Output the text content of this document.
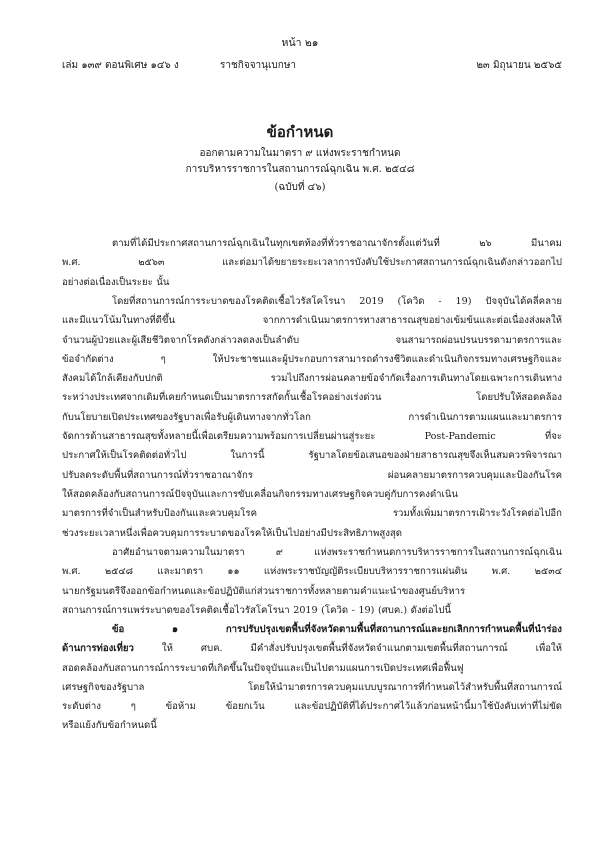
หน้า ๒๑
เล่ม ๑๓๙ ตอนพิเศษ ๑๔๖ ง	ราชกิจจานุเบกษา	๒๓ มิถุนายน ๒๕๖๕
ข้อกำหนด
ออกตามความในมาตรา ๙ แห่งพระราชกำหนด
การบริหารราชการในสถานการณ์ฉุกเฉิน พ.ศ. ๒๕๔๘
(ฉบับที่ ๔๖)

ตามที่ได้มีประกาศสถานการณ์ฉุกเฉินในทุกเขตท้องที่ทั่วราชอาณาจักรตั้งแต่วันที่ ๒๖ มีนาคม

พ.ศ. ๒๕๖๓ และต่อมาได้ขยายระยะเวลาการบังคับใช้ประกาศสถานการณ์ฉุกเฉินดังกล่าวออกไป

อย่างต่อเนื่องเป็นระยะ นั้น

โดยที่สถานการณ์การระบาดของโรคติดเชื้อไวรัสโคโรนา 2019 (โควิด - 19) ปัจจุบันได้คลี่คลาย

และมีแนวโน้มในทางที่ดีขึ้น จากการดำเนินมาตรการทางสาธารณสุขอย่างเข้มข้นและต่อเนื่องส่งผลให้

จำนวนผู้ป่วยและผู้เสียชีวิตจากโรคดังกล่าวลดลงเป็นลำดับ จนสามารถผ่อนปรนบรรดามาตรการและ

ข้อจำกัดต่าง ๆ ให้ประชาชนและผู้ประกอบการสามารถดำรงชีวิตและดำเนินกิจกรรมทางเศรษฐกิจและ

สังคมได้ใกล้เคียงกับปกติ รวมไปถึงการผ่อนคลายข้อจำกัดเรื่องการเดินทางโดยเฉพาะการเดินทาง

ระหว่างประเทศจากเดิมที่เคยกำหนดเป็นมาตรการสกัดกั้นเชื้อโรคอย่างเร่งด่วน โดยปรับให้สอดคล้อง

กับนโยบายเปิดประเทศของรัฐบาลเพื่อรับผู้เดินทางจากทั่วโลก การดำเนินการตามแผนและมาตรการ

จัดการด้านสาธารณสุขทั้งหลายนี้เพื่อเตรียมความพร้อมการเปลี่ยนผ่านสู่ระยะ Post-Pandemic ที่จะ

ประกาศให้เป็นโรคติดต่อทั่วไป ในการนี้ รัฐบาลโดยข้อเสนอของฝ่ายสาธารณสุขจึงเห็นสมควรพิจารณา

ปรับลดระดับพื้นที่สถานการณ์ทั่วราชอาณาจักร ผ่อนคลายมาตรการควบคุมและป้องกันโรค

ให้สอดคล้องกับสถานการณ์ปัจจุบันและการขับเคลื่อนกิจกรรมทางเศรษฐกิจควบคู่กับการคงดำเนิน

มาตรการที่จำเป็นสำหรับป้องกันและควบคุมโรค รวมทั้งเพิ่มมาตรการเฝ้าระวังโรคต่อไปอีก

ช่วงระยะเวลาหนึ่งเพื่อควบคุมการระบาดของโรคให้เป็นไปอย่างมีประสิทธิภาพสูงสุด

อาศัยอำนาจตามความในมาตรา ๙ แห่งพระราชกำหนดการบริหารราชการในสถานการณ์ฉุกเฉิน

พ.ศ. ๒๕๔๘ และมาตรา ๑๑ แห่งพระราชบัญญัติระเบียบบริหารราชการแผ่นดิน พ.ศ. ๒๕๓๔

นายกรัฐมนตรีจึงออกข้อกำหนดและข้อปฏิบัติแก่ส่วนราชการทั้งหลายตามคำแนะนำของศูนย์บริหาร

สถานการณ์การแพร่ระบาดของโรคติดเชื้อไวรัสโคโรนา 2019 (โควิด - 19) (ศบค.) ดังต่อไปนี้

ข้อ ๑ การปรับปรุงเขตพื้นที่จังหวัดตามพื้นที่สถานการณ์และยกเลิกการกำหนดพื้นที่นำร่อง

ด้านการท่องเที่ยว ให้ ศบค. มีคำสั่งปรับปรุงเขตพื้นที่จังหวัดจำแนกตามเขตพื้นที่สถานการณ์ เพื่อให้

สอดคล้องกับสถานการณ์การระบาดที่เกิดขึ้นในปัจจุบันและเป็นไปตามแผนการเปิดประเทศเพื่อฟื้นฟู

เศรษฐกิจของรัฐบาล โดยให้นำมาตรการควบคุมแบบบูรณาการที่กำหนดไว้สำหรับพื้นที่สถานการณ์

ระดับต่าง ๆ ข้อห้าม ข้อยกเว้น และข้อปฏิบัติที่ได้ประกาศไว้แล้วก่อนหน้านี้มาใช้บังคับเท่าที่ไม่ขัด

หรือแย้งกับข้อกำหนดนี้
